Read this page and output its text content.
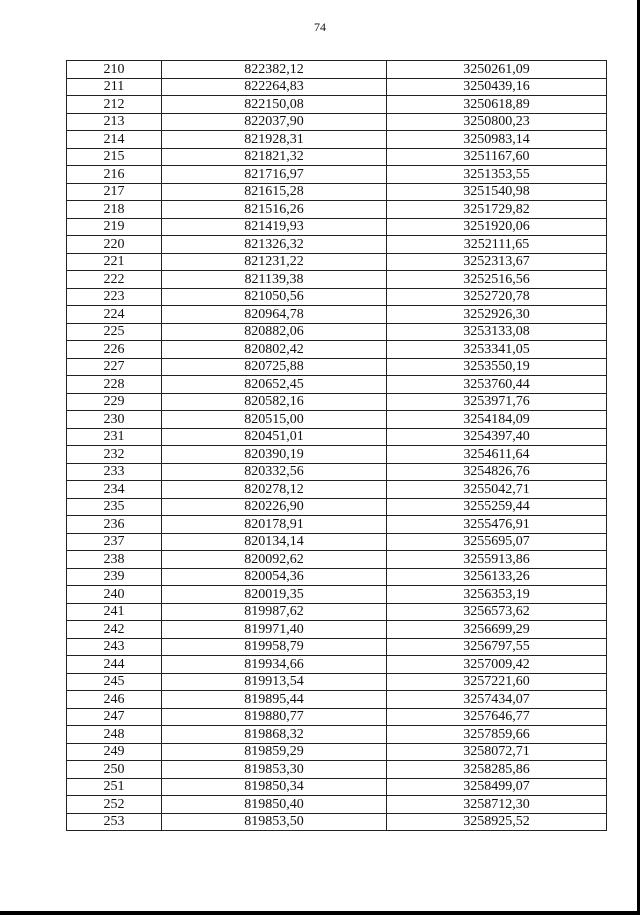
74
210	822382,12	3250261,09
211	822264,83	3250439,16
212	822150,08	3250618,89
213	822037,90	3250800,23
214	821928,31	3250983,14
215	821821,32	3251167,60
216	821716,97	3251353,55
217	821615,28	3251540,98
218	821516,26	3251729,82
219	821419,93	3251920,06
220	821326,32	3252111,65
221	821231,22	3252313,67
222	821139,38	3252516,56
223	821050,56	3252720,78
224	820964,78	3252926,30
225	820882,06	3253133,08
226	820802,42	3253341,05
227	820725,88	3253550,19
228	820652,45	3253760,44
229	820582,16	3253971,76
230	820515,00	3254184,09
231	820451,01	3254397,40
232	820390,19	3254611,64
233	820332,56	3254826,76
234	820278,12	3255042,71
235	820226,90	3255259,44
236	820178,91	3255476,91
237	820134,14	3255695,07
238	820092,62	3255913,86
239	820054,36	3256133,26
240	820019,35	3256353,19
241	819987,62	3256573,62
242	819971,40	3256699,29
243	819958,79	3256797,55
244	819934,66	3257009,42
245	819913,54	3257221,60
246	819895,44	3257434,07
247	819880,77	3257646,77
248	819868,32	3257859,66
249	819859,29	3258072,71
250	819853,30	3258285,86
251	819850,34	3258499,07
252	819850,40	3258712,30
253	819853,50	3258925,52
